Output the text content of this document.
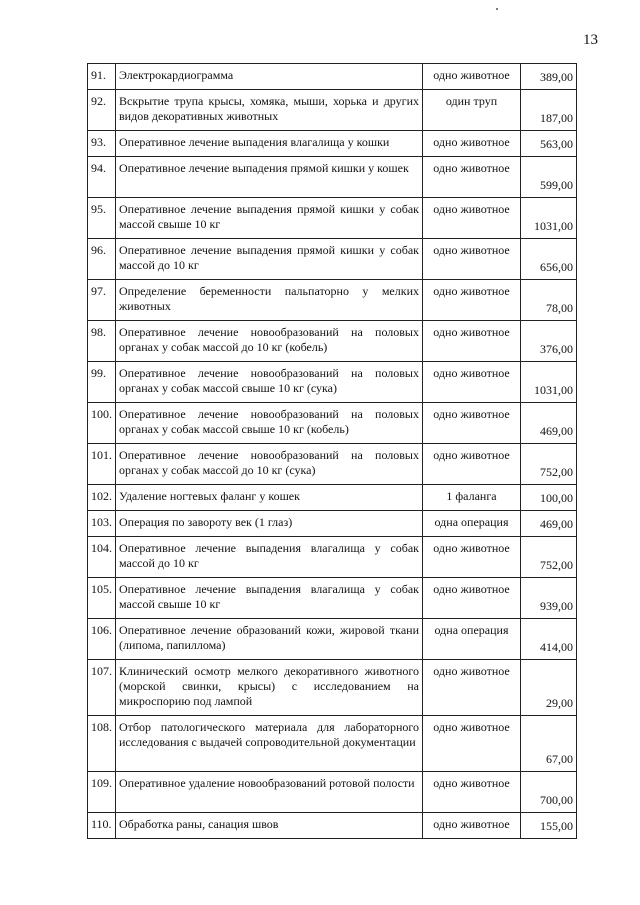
13
91.	Электрокардиограмма	одно животное	389,00
92.	Вскрытие трупа крысы, хомяка, мыши, хорька и других видов декоративных животных	один труп	187,00
93.	Оперативное лечение выпадения влагалища у кошки	одно животное	563,00
94.	Оперативное лечение выпадения прямой кишки у кошек	одно животное	599,00
95.	Оперативное лечение выпадения прямой кишки у собак массой свыше 10 кг	одно животное	1031,00
96.	Оперативное лечение выпадения прямой кишки у собак массой до 10 кг	одно животное	656,00
97.	Определение беременности пальпаторно у мелких животных	одно животное	78,00
98.	Оперативное лечение новообразований на половых органах у собак массой до 10 кг (кобель)	одно животное	376,00
99.	Оперативное лечение новообразований на половых органах у собак массой свыше 10 кг (сука)	одно животное	1031,00
100.	Оперативное лечение новообразований на половых органах у собак массой свыше 10 кг (кобель)	одно животное	469,00
101.	Оперативное лечение новообразований на половых органах у собак массой до 10 кг (сука)	одно животное	752,00
102.	Удаление ногтевых фаланг у кошек	1 фаланга	100,00
103.	Операция по завороту век (1 глаз)	одна операция	469,00
104.	Оперативное лечение выпадения влагалища у собак массой до 10 кг	одно животное	752,00
105.	Оперативное лечение выпадения влагалища у собак массой свыше 10 кг	одно животное	939,00
106.	Оперативное лечение образований кожи, жировой ткани (липома, папиллома)	одна операция	414,00
107.	Клинический осмотр мелкого декоративного животного (морской свинки, крысы) с исследованием на микроспорию под лампой	одно животное	29,00
108.	Отбор патологического материала для лабораторного исследования с выдачей сопроводительной документации	одно животное	67,00
109.	Оперативное удаление новообразований ротовой полости	одно животное	700,00
110.	Обработка раны, санация швов	одно животное	155,00
